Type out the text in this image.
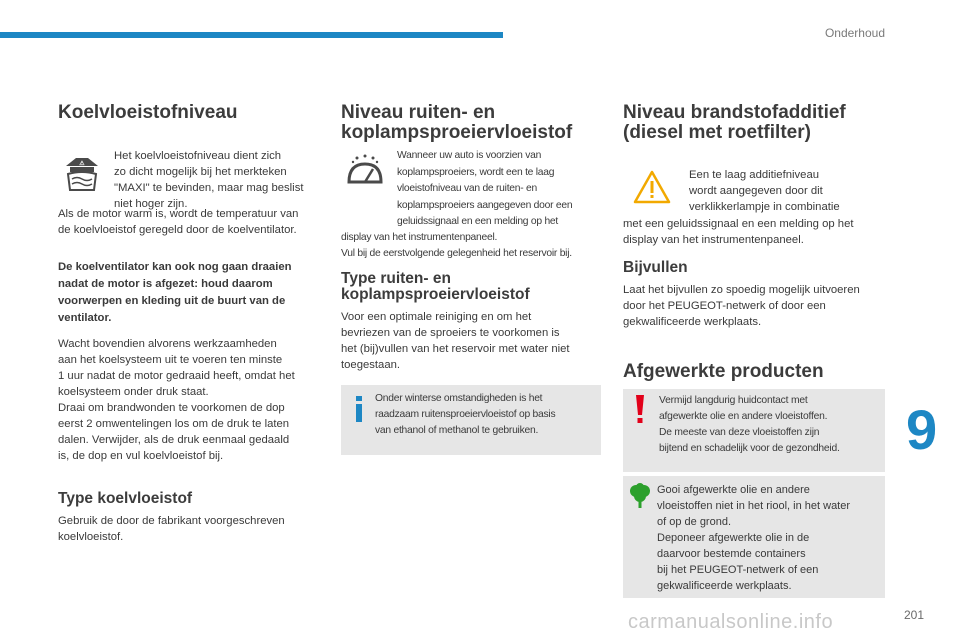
Onderhoud
Koelvloeistofniveau
⚠
Het koelvloeistofniveau dient zich
zo dicht mogelijk bij het merkteken
"MAXI" te bevinden, maar mag beslist
niet hoger zijn.
Als de motor warm is, wordt de temperatuur van
de koelvloeistof geregeld door de koelventilator.
De koelventilator kan ook nog gaan draaien
nadat de motor is afgezet: houd daarom
voorwerpen en kleding uit de buurt van de
ventilator.
Wacht bovendien alvorens werkzaamheden
aan het koelsysteem uit te voeren ten minste
1 uur nadat de motor gedraaid heeft, omdat het
koelsysteem onder druk staat.
Draai om brandwonden te voorkomen de dop
eerst 2 omwentelingen los om de druk te laten
dalen. Verwijder, als de druk eenmaal gedaald
is, de dop en vul koelvloeistof bij.
Type koelvloeistof
Gebruik de door de fabrikant voorgeschreven
koelvloeistof.
Niveau ruiten- en
koplampsproeiervloeistof
Wanneer uw auto is voorzien van
koplampsproeiers, wordt een te laag
vloeistofniveau van de ruiten- en
koplampsproeiers aangegeven door een
geluidssignaal en een melding op het
display van het instrumentenpaneel.
Vul bij de eerstvolgende gelegenheid het reservoir bij.
Type ruiten- en
koplampsproeiervloeistof
Voor een optimale reiniging en om het
bevriezen van de sproeiers te voorkomen is
het (bij)vullen van het reservoir met water niet
toegestaan.
Onder winterse omstandigheden is het
raadzaam ruitensproeiervloeistof op basis
van ethanol of methanol te gebruiken.
Niveau brandstofadditief
(diesel met roetfilter)
Een te laag additiefniveau
wordt aangegeven door dit
verklikkerlampje in combinatie
met een geluidssignaal en een melding op het
display van het instrumentenpaneel.
Bijvullen
Laat het bijvullen zo spoedig mogelijk uitvoeren
door het PEUGEOT-netwerk of door een
gekwalificeerde werkplaats.
Afgewerkte producten
Vermijd langdurig huidcontact met
afgewerkte olie en andere vloeistoffen.
De meeste van deze vloeistoffen zijn
bijtend en schadelijk voor de gezondheid.
Gooi afgewerkte olie en andere
vloeistoffen niet in het riool, in het water
of op de grond.
Deponeer afgewerkte olie in de
daarvoor bestemde containers
bij het PEUGEOT-netwerk of een
gekwalificeerde werkplaats.
9
carmanualsonline.info	201
